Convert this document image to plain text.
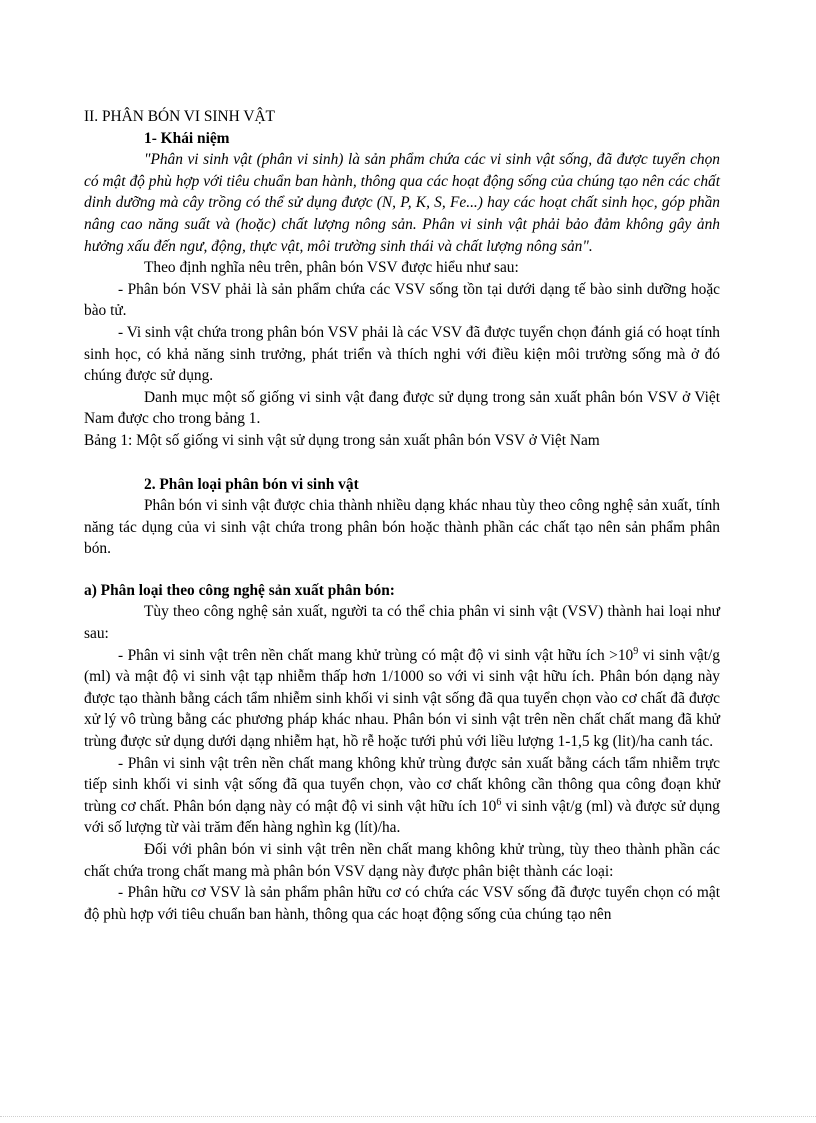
II. PHÂN BÓN VI SINH VẬT

1- Khái niệm

"Phân vi sinh vật (phân vi sinh) là sản phẩm chứa các vi sinh vật sống, đã được tuyển chọn có mật độ phù hợp với tiêu chuẩn ban hành, thông qua các hoạt động sống của chúng tạo nên các chất dinh dưỡng mà cây trồng có thể sử dụng được (N, P, K, S, Fe...) hay các hoạt chất sinh học, góp phần nâng cao năng suất và (hoặc) chất lượng nông sản. Phân vi sinh vật phải bảo đảm không gây ảnh hưởng xấu đến ngư, động, thực vật, môi trường sinh thái và chất lượng nông sản".

Theo định nghĩa nêu trên, phân bón VSV được hiểu như sau:

- Phân bón VSV phải là sản phẩm chứa các VSV sống tồn tại dưới dạng tế bào sinh dưỡng hoặc bào tử.

- Vi sinh vật chứa trong phân bón VSV phải là các VSV đã được tuyển chọn đánh giá có hoạt tính sinh học, có khả năng sinh trưởng, phát triển và thích nghi với điều kiện môi trường sống mà ở đó chúng được sử dụng.

Danh mục một số giống vi sinh vật đang được sử dụng trong sản xuất phân bón VSV ở Việt Nam được cho trong bảng 1.

Bảng 1: Một số giống vi sinh vật sử dụng trong sản xuất phân bón VSV ở Việt Nam

2. Phân loại phân bón vi sinh vật

Phân bón vi sinh vật được chia thành nhiều dạng khác nhau tùy theo công nghệ sản xuất, tính năng tác dụng của vi sinh vật chứa trong phân bón hoặc thành phần các chất tạo nên sản phẩm phân bón.

a) Phân loại theo công nghệ sản xuất phân bón:

Tùy theo công nghệ sản xuất, người ta có thể chia phân vi sinh vật (VSV) thành hai loại như sau:

- Phân vi sinh vật trên nền chất mang khử trùng có mật độ vi sinh vật hữu ích $>10^9$ vi sinh vật/g (ml) và mật độ vi sinh vật tạp nhiễm thấp hơn 1/1000 so với vi sinh vật hữu ích. Phân bón dạng này được tạo thành bằng cách tẩm nhiễm sinh khối vi sinh vật sống đã qua tuyển chọn vào cơ chất đã được xử lý vô trùng bằng các phương pháp khác nhau. Phân bón vi sinh vật trên nền chất chất mang đã khử trùng được sử dụng dưới dạng nhiễm hạt, hồ rễ hoặc tưới phủ với liều lượng 1-1,5 kg (lit)/ha canh tác.

- Phân vi sinh vật trên nền chất mang không khử trùng được sản xuất bằng cách tẩm nhiễm trực tiếp sinh khối vi sinh vật sống đã qua tuyển chọn, vào cơ chất không cần thông qua công đoạn khử trùng cơ chất. Phân bón dạng này có mật độ vi sinh vật hữu ích $10^6$ vi sinh vật/g (ml) và được sử dụng với số lượng từ vài trăm đến hàng nghìn kg (lít)/ha.

Đối với phân bón vi sinh vật trên nền chất mang không khử trùng, tùy theo thành phần các chất chứa trong chất mang mà phân bón VSV dạng này được phân biệt thành các loại:

- Phân hữu cơ VSV là sản phẩm phân hữu cơ có chứa các VSV sống đã được tuyển chọn có mật độ phù hợp với tiêu chuẩn ban hành, thông qua các hoạt động sống của chúng tạo nên
